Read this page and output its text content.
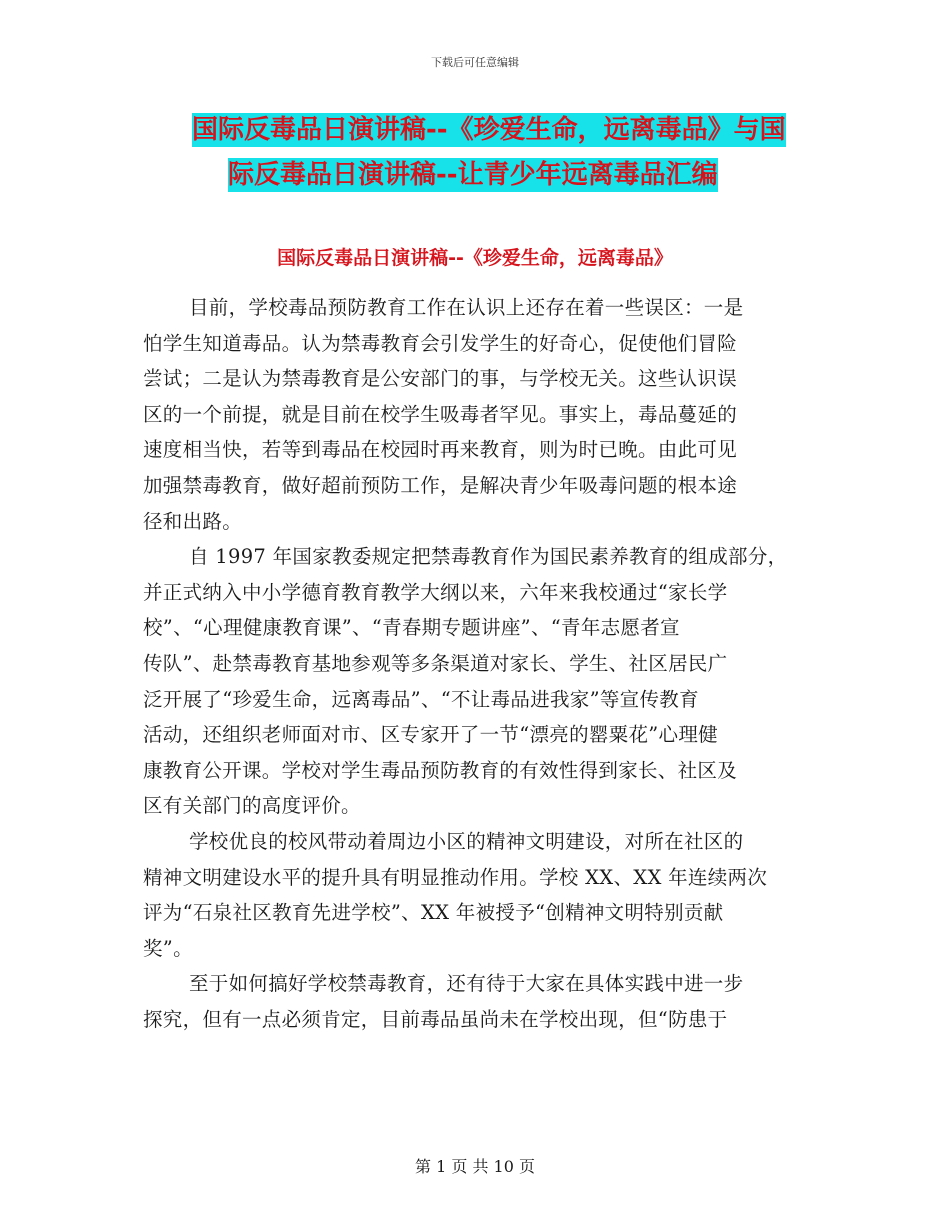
下载后可任意编辑
国际反毒品日演讲稿--《珍爱生命，远离毒品》与国
际反毒品日演讲稿--让青少年远离毒品汇编
国际反毒品日演讲稿--《珍爱生命，远离毒品》

目前，学校毒品预防教育工作在认识上还存在着一些误区：一是
怕学生知道毒品。认为禁毒教育会引发学生的好奇心，促使他们冒险
尝试；二是认为禁毒教育是公安部门的事，与学校无关。这些认识误
区的一个前提，就是目前在校学生吸毒者罕见。事实上，毒品蔓延的
速度相当快，若等到毒品在校园时再来教育，则为时已晚。由此可见
加强禁毒教育，做好超前预防工作，是解决青少年吸毒问题的根本途
径和出路。

自 1997 年国家教委规定把禁毒教育作为国民素养教育的组成部分，
并正式纳入中小学德育教育教学大纲以来，六年来我校通过“家长学
校”、“心理健康教育课”、“青春期专题讲座”、“青年志愿者宣
传队”、赴禁毒教育基地参观等多条渠道对家长、学生、社区居民广
泛开展了“珍爱生命，远离毒品”、“不让毒品进我家”等宣传教育
活动，还组织老师面对市、区专家开了一节“漂亮的罂粟花”心理健
康教育公开课。学校对学生毒品预防教育的有效性得到家长、社区及
区有关部门的高度评价。

学校优良的校风带动着周边小区的精神文明建设，对所在社区的
精神文明建设水平的提升具有明显推动作用。学校 XX、XX 年连续两次
评为“石泉社区教育先进学校”、XX 年被授予“创精神文明特别贡献
奖”。

至于如何搞好学校禁毒教育，还有待于大家在具体实践中进一步
探究，但有一点必须肯定，目前毒品虽尚未在学校出现，但“防患于

第 1 页 共 10 页
